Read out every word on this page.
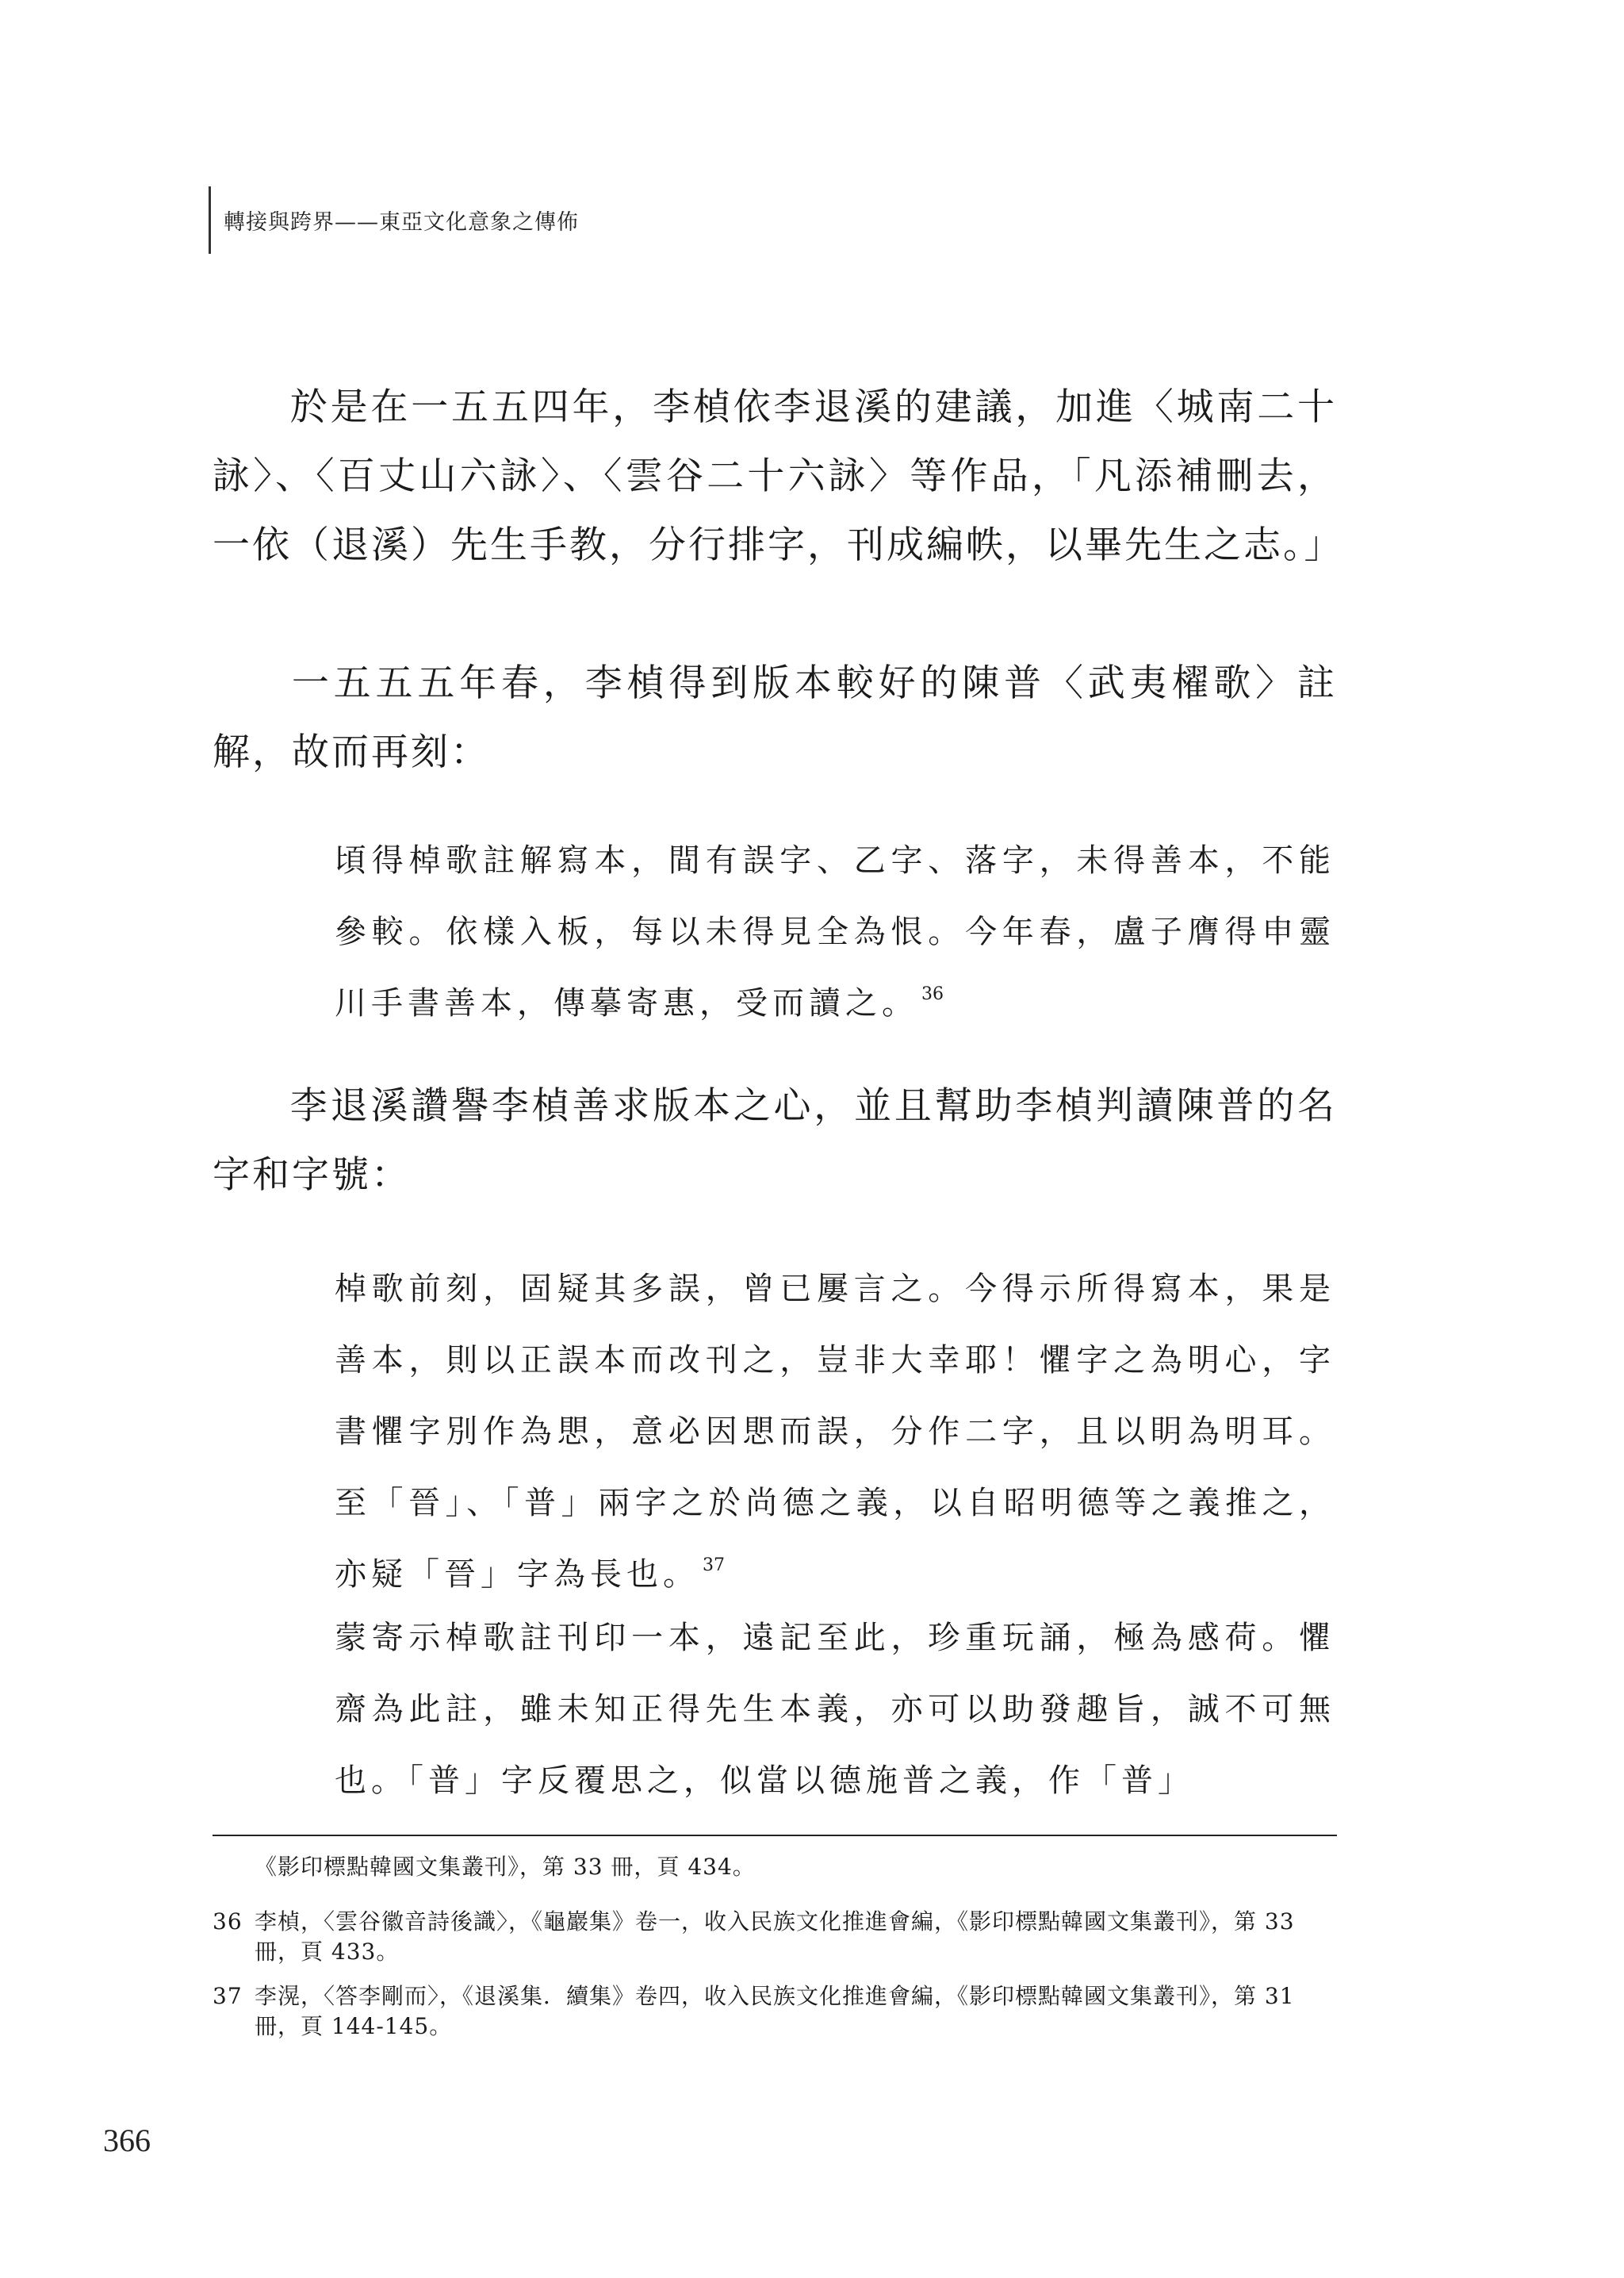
轉接與跨界——東亞文化意象之傳佈

於是在一五五四年，李楨依李退溪的建議，加進〈城南二十詠〉、〈百丈山六詠〉、〈雲谷二十六詠〉等作品，「凡添補刪去，一依（退溪）先生手教，分行排字，刊成編帙，以畢先生之志。」

一五五五年春，李楨得到版本較好的陳普〈武夷櫂歌〉註解，故而再刻：

頃得棹歌註解寫本，間有誤字、乙字、落字，未得善本，不能參較。依樣入板，每以未得見全為恨。今年春，盧子膺得申靈川手書善本，傳摹寄惠，受而讀之。 $^{36}$

李退溪讚譽李楨善求版本之心，並且幫助李楨判讀陳普的名字和字號：

棹歌前刻，固疑其多誤，曾已屢言之。今得示所得寫本，果是善本，則以正誤本而改刊之，豈非大幸耶！懼字之為明心，字書懼字別作為愳，意必因愳而誤，分作二字，且以眀為明耳。至「晉」、「普」兩字之於尚德之義，以自昭明德等之義推之，亦疑「晉」字為長也。 $^{37}$

蒙寄示棹歌註刊印一本，遠記至此，珍重玩誦，極為感荷。懼齋為此註，雖未知正得先生本義，亦可以助發趣旨，誠不可無也。「普」字反覆思之，似當以德施普之義，作「普」

《影印標點韓國文集叢刊》，第 33 冊，頁 434。

36 李楨，〈雲谷徽音詩後識〉，《龜巖集》卷一，收入民族文化推進會編，《影印標點韓國文集叢刊》，第 33 冊，頁 433。

37 李滉，〈答李剛而〉，《退溪集．續集》卷四，收入民族文化推進會編，《影印標點韓國文集叢刊》，第 31 冊，頁 144-145。

366
